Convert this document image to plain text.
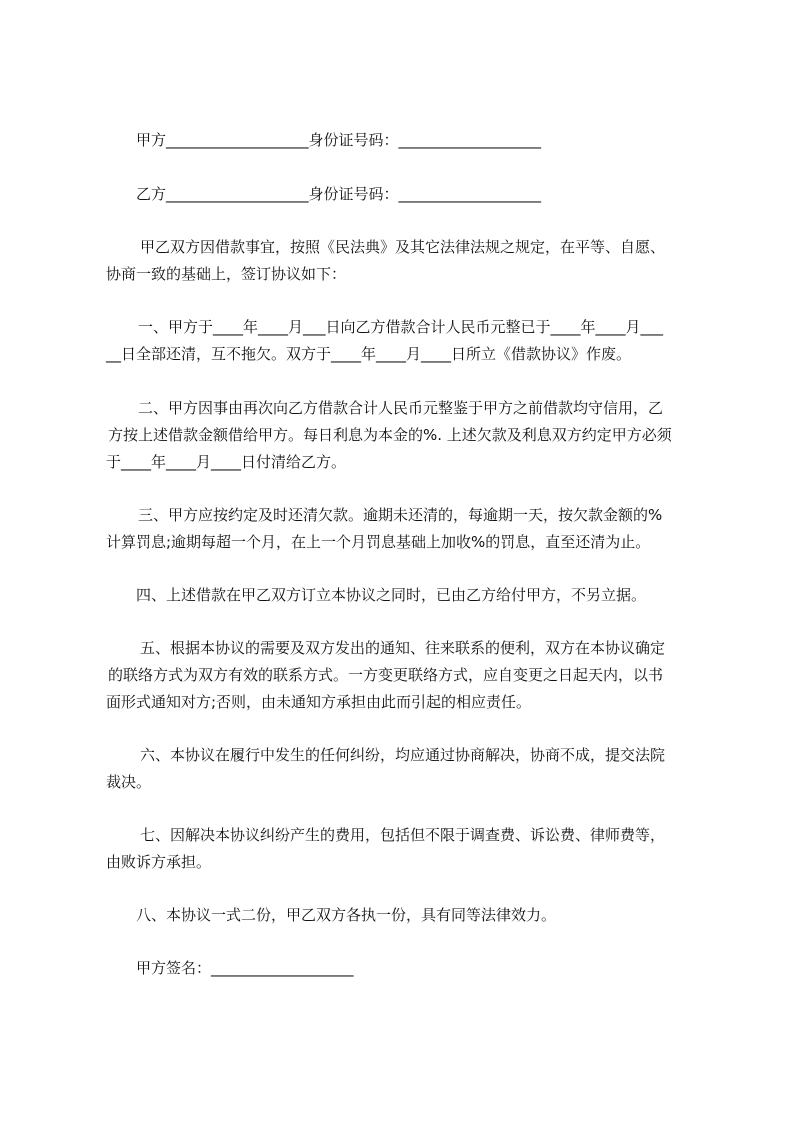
甲方___________________身份证号码：___________________

乙方___________________身份证号码：___________________

甲乙双方因借款事宜，按照《民法典》及其它法律法规之规定，在平等、自愿、

协商一致的基础上，签订协议如下：

一、甲方于____年____月___日向乙方借款合计人民币元整已于____年____月___

__日全部还清，互不拖欠。双方于____年____月____日所立《借款协议》作废。

二、甲方因事由再次向乙方借款合计人民币元整鉴于甲方之前借款均守信用，乙

方按上述借款金额借给甲方。每日利息为本金的%. 上述欠款及利息双方约定甲方必须

于____年____月____日付清给乙方。

三、甲方应按约定及时还清欠款。逾期未还清的，每逾期一天，按欠款金额的%

计算罚息;逾期每超一个月，在上一个月罚息基础上加收%的罚息，直至还清为止。

四、上述借款在甲乙双方订立本协议之同时，已由乙方给付甲方，不另立据。

五、根据本协议的需要及双方发出的通知、往来联系的便利，双方在本协议确定

的联络方式为双方有效的联系方式。一方变更联络方式，应自变更之日起天内，以书

面形式通知对方;否则，由未通知方承担由此而引起的相应责任。

六、本协议在履行中发生的任何纠纷，均应通过协商解决，协商不成，提交法院

裁决。

七、因解决本协议纠纷产生的费用，包括但不限于调查费、诉讼费、律师费等，

由败诉方承担。

八、本协议一式二份，甲乙双方各执一份，具有同等法律效力。

甲方签名：___________________
